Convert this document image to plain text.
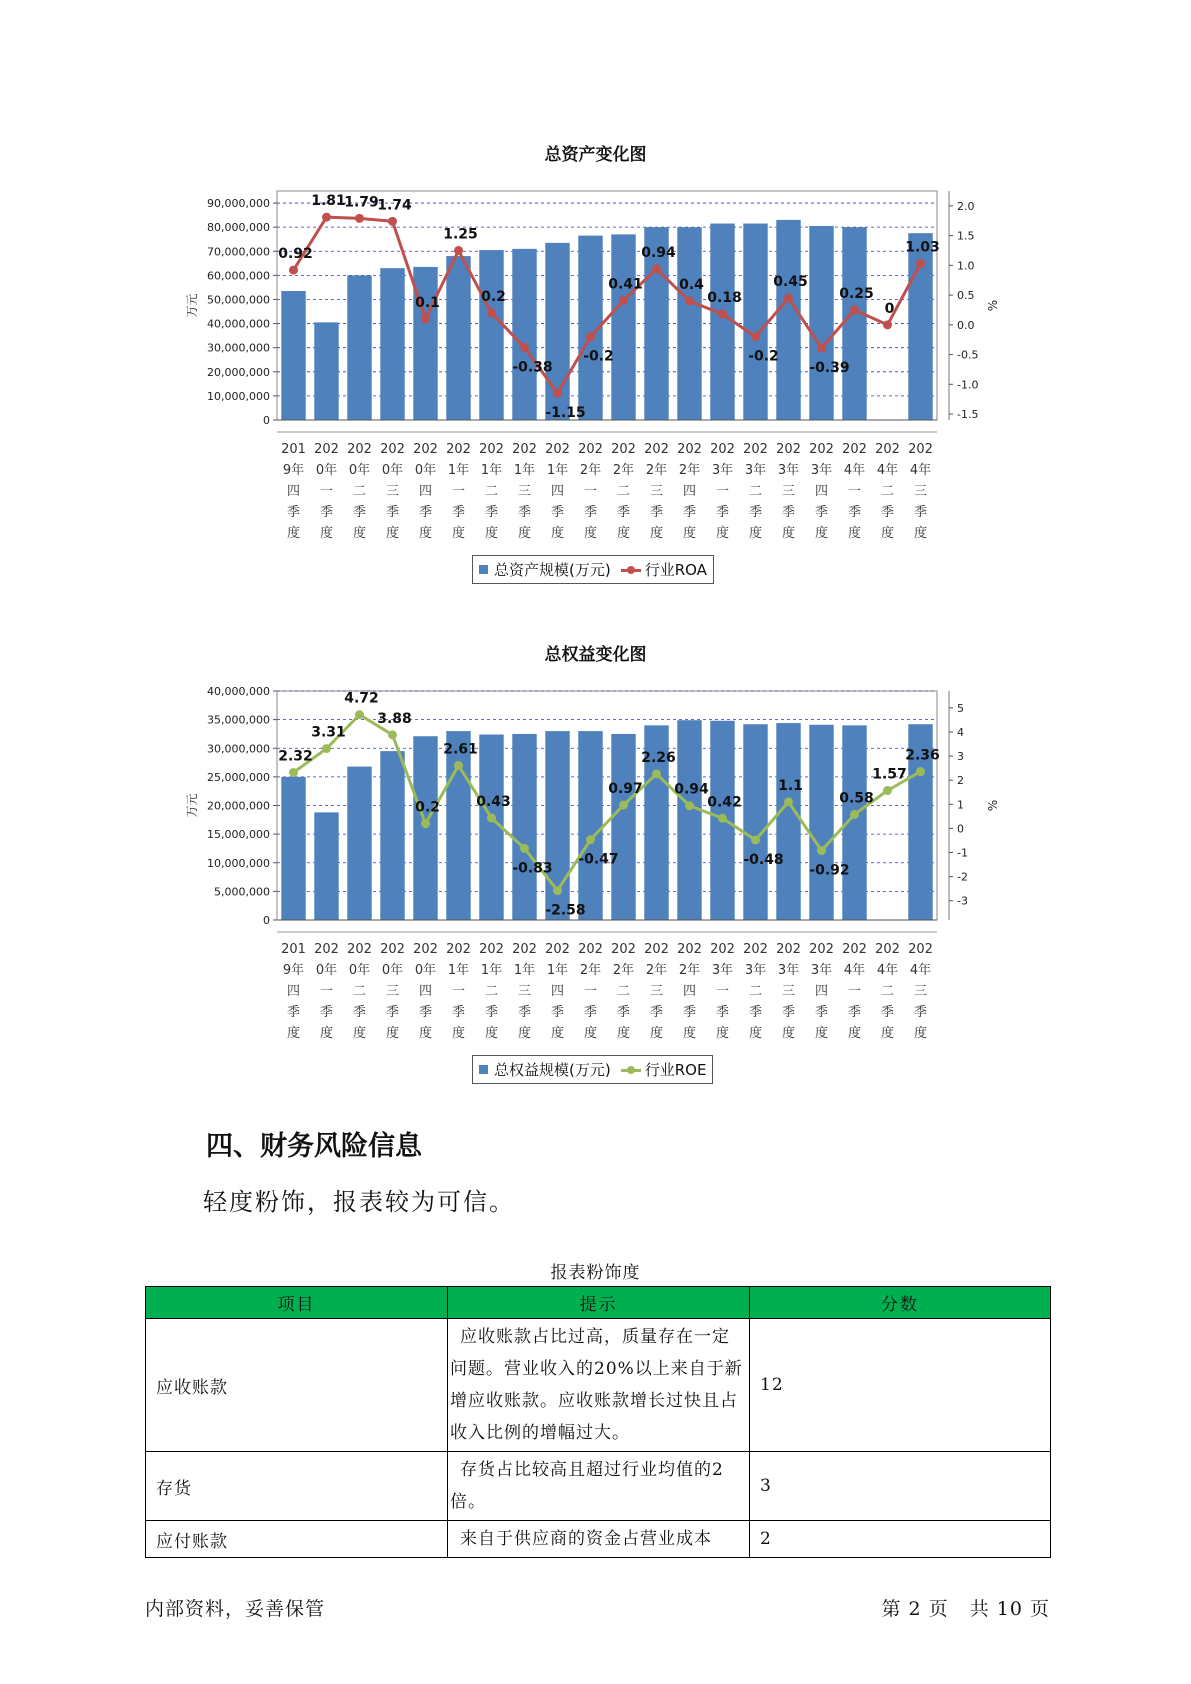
总资产变化图
0
10,000,000
20,000,000
30,000,000
40,000,000
50,000,000
60,000,000
70,000,000
80,000,000
90,000,000
万元
-1.5
-1.0
-0.5
0.0
0.5
1.0
1.5
2.0
%
201 9年四季度
202 0年一季度
202 0年二季度
202 0年三季度
202 0年四季度
202 1年一季度
202 1年二季度
202 1年三季度
202 1年四季度
202 2年一季度
202 2年二季度
202 2年三季度
202 2年四季度
202 3年一季度
202 3年二季度
202 3年三季度
202 3年四季度
202 4年一季度
202 4年二季度
202 4年三季度
0.92
1.81
1.79
1.74
0.1
1.25
0.2
-0.38
-1.15
-0.2
0.41
0.94
0.4
0.18
-0.2
0.45
-0.39
0.25
0
1.03
总资产规模(万元) 行业ROA
总权益变化图
0
5,000,000
10,000,000
15,000,000
20,000,000
25,000,000
30,000,000
35,000,000
40,000,000
万元
-3
-2
-1
0
1
2
3
4
5
%
201 9年四季度
202 0年一季度
202 0年二季度
202 0年三季度
202 0年四季度
202 1年一季度
202 1年二季度
202 1年三季度
202 1年四季度
202 2年一季度
202 2年二季度
202 2年三季度
202 2年四季度
202 3年一季度
202 3年二季度
202 3年三季度
202 3年四季度
202 4年一季度
202 4年二季度
202 4年三季度
2.32
3.31
4.72
3.88
0.2
2.61
0.43
-0.83
-2.58
-0.47
0.97
2.26
0.94
0.42
-0.48
1.1
-0.92
0.58
1.57
2.36
总权益规模(万元) 行业ROE
四、财务风险信息
轻度粉饰，报表较为可信。
报表粉饰度
项目	提示	分数
应收账款	应收账款占比过高，质量存在一定问题。营业收入的20%以上来自于新增应收账款。应收账款增长过快且占收入比例的增幅过大。	12
存货	存货占比较高且超过行业均值的2倍。	3
应付账款	来自于供应商的资金占营业成本	2
内部资料，妥善保管	第 2 页   共 10 页
